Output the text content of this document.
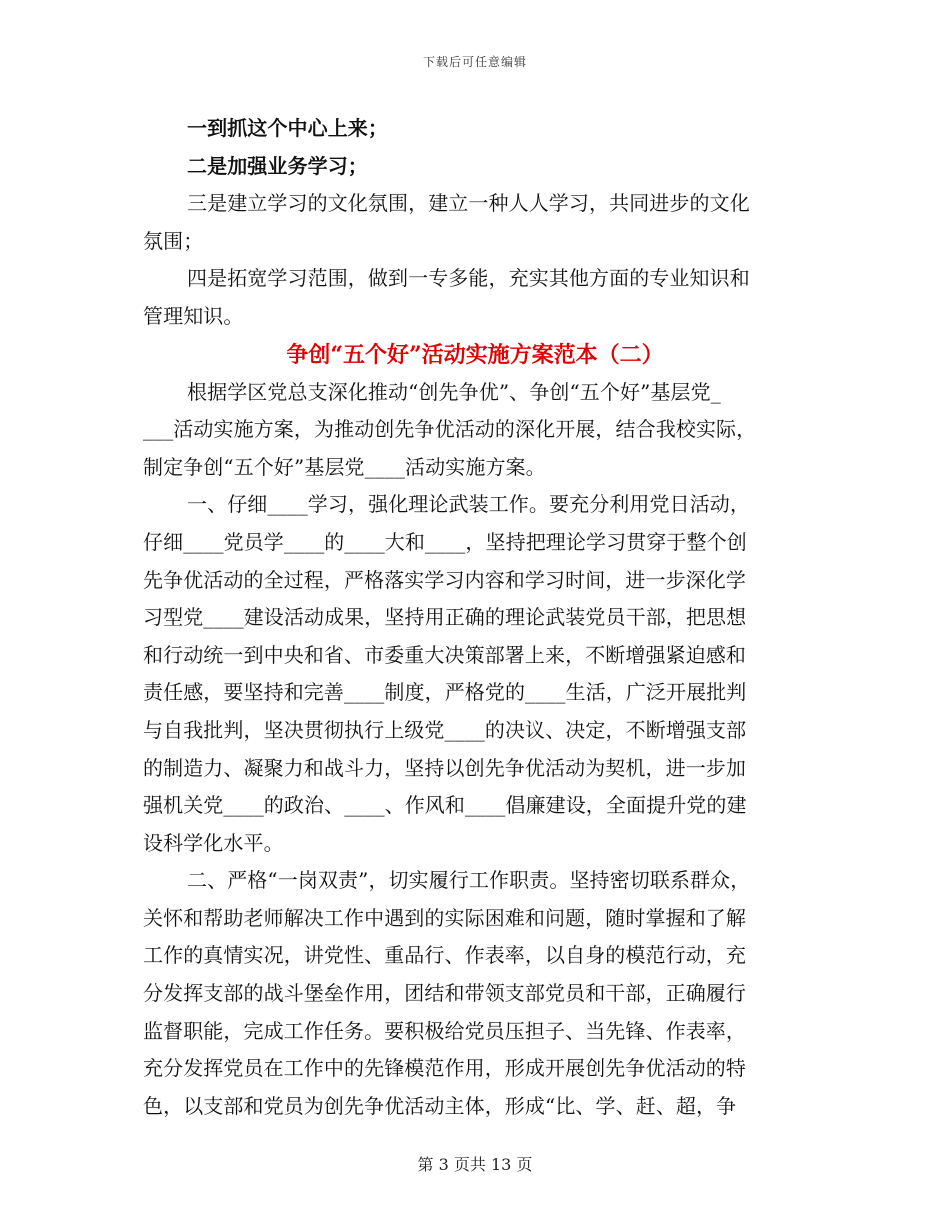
下载后可任意编辑
一到抓这个中心上来；
二是加强业务学习；
三是建立学习的文化氛围，建立一种人人学习，共同进步的文化
氛围；
四是拓宽学习范围，做到一专多能，充实其他方面的专业知识和
管理知识。
争创“五个好”活动实施方案范本（二）
根据学区党总支深化推动“创先争优”、争创“五个好”基层党_
___活动实施方案，为推动创先争优活动的深化开展，结合我校实际，
制定争创“五个好”基层党____活动实施方案。
一、仔细____学习，强化理论武装工作。要充分利用党日活动，
仔细____党员学____的____大和____，坚持把理论学习贯穿于整个创
先争优活动的全过程，严格落实学习内容和学习时间，进一步深化学
习型党____建设活动成果，坚持用正确的理论武装党员干部，把思想
和行动统一到中央和省、市委重大决策部署上来，不断增强紧迫感和
责任感，要坚持和完善____制度，严格党的____生活，广泛开展批判
与自我批判，坚决贯彻执行上级党____的决议、决定，不断增强支部
的制造力、凝聚力和战斗力，坚持以创先争优活动为契机，进一步加
强机关党____的政治、____、作风和____倡廉建设，全面提升党的建
设科学化水平。
二、严格“一岗双责”，切实履行工作职责。坚持密切联系群众，
关怀和帮助老师解决工作中遇到的实际困难和问题，随时掌握和了解
工作的真情实况，讲党性、重品行、作表率，以自身的模范行动，充
分发挥支部的战斗堡垒作用，团结和带领支部党员和干部，正确履行
监督职能，完成工作任务。要积极给党员压担子、当先锋、作表率，
充分发挥党员在工作中的先锋模范作用，形成开展创先争优活动的特
色，以支部和党员为创先争优活动主体，形成“比、学、赶、超，争
第 3 页共 13 页
